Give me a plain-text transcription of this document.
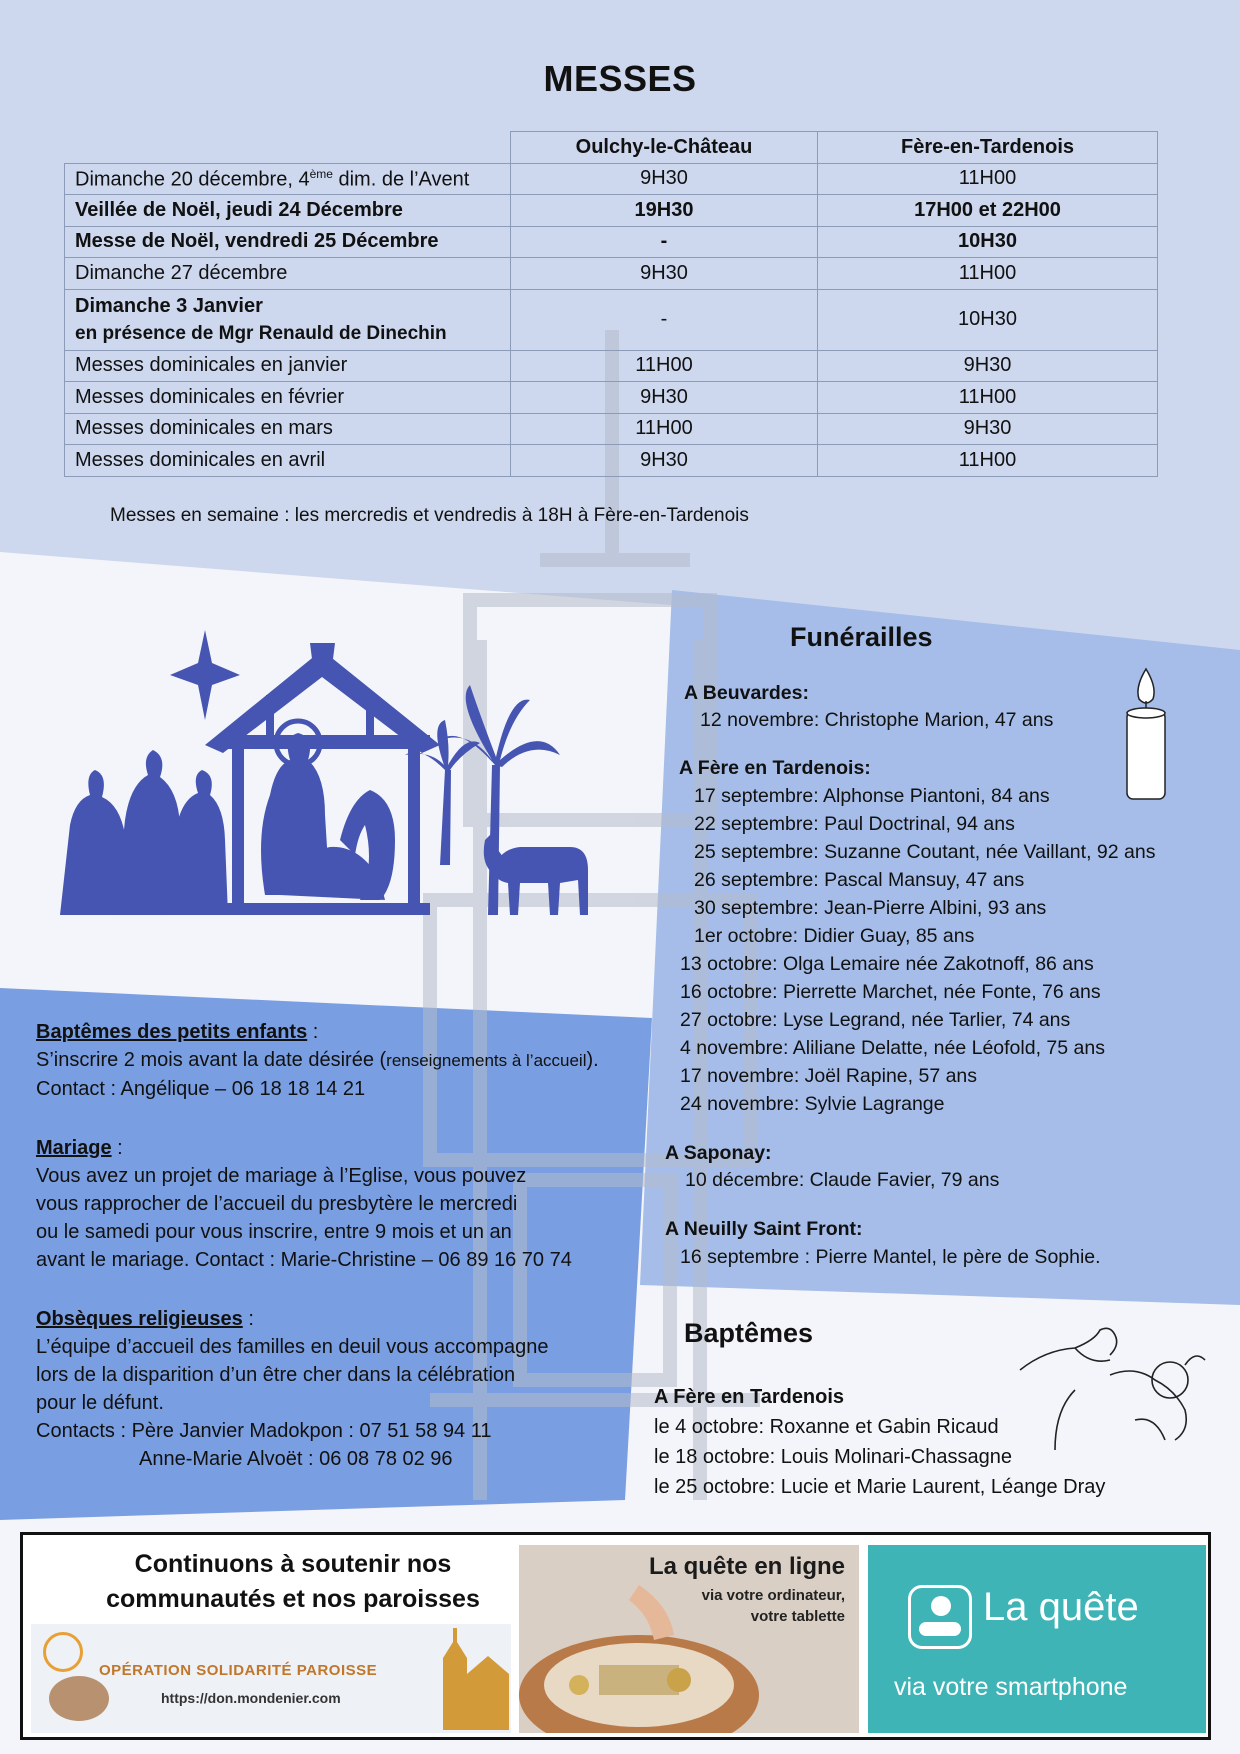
MESSES
	Oulchy-le-Château	Fère-en-Tardenois
Dimanche 20 décembre, 4ème dim. de l’Avent	9H30	11H00
Veillée de Noël, jeudi 24 Décembre	19H30	17H00 et 22H00
Messe de Noël, vendredi 25 Décembre	-	10H30
Dimanche 27 décembre	9H30	11H00

Dimanche 3 Janvier
en présence de Mgr Renauld de Dinechin	-	10H30
Messes dominicales en janvier	11H00	9H30
Messes dominicales en février	9H30	11H00
Messes dominicales en mars	11H00	9H30
Messes dominicales en avril	9H30	11H00
Messes en semaine : les mercredis et vendredis à 18H à Fère-en-Tardenois
Funérailles
A Beuvardes:
12 novembre: Christophe Marion, 47 ans
A Fère en Tardenois:
17 septembre: Alphonse Piantoni, 84 ans
22 septembre: Paul Doctrinal, 94 ans
25 septembre: Suzanne Coutant, née Vaillant, 92 ans
26 septembre: Pascal Mansuy, 47 ans
30 septembre: Jean-Pierre Albini, 93 ans
1er octobre: Didier Guay, 85 ans
13 octobre: Olga Lemaire née Zakotnoff, 86 ans
16 octobre: Pierrette Marchet, née Fonte, 76 ans
27 octobre: Lyse Legrand, née Tarlier, 74 ans
4 novembre: Aliliane Delatte, née Léofold, 75 ans
17 novembre: Joël Rapine, 57 ans
24 novembre: Sylvie Lagrange
A Saponay:
10 décembre: Claude Favier, 79 ans
A Neuilly Saint Front:
16 septembre : Pierre Mantel, le père de Sophie.
Baptêmes des petits enfants :
S’inscrire 2 mois avant la date désirée (renseignements à l’accueil).
Contact : Angélique – 06 18 18 14 21
Mariage :
Vous avez un projet de mariage à l’Eglise, vous pouvez
vous rapprocher de l’accueil du presbytère le mercredi
ou le samedi pour vous inscrire, entre 9 mois et un an
avant le mariage. Contact : Marie-Christine – 06 89 16 70 74
Obsèques religieuses :
L’équipe d’accueil des familles en deuil vous accompagne
lors de la disparition d’un être cher dans la célébration
pour le défunt.
Contacts : Père Janvier Madokpon : 07 51 58 94 11
Anne-Marie Alvoët : 06 08 78 02 96
Baptêmes
A Fère en Tardenois
le 4 octobre: Roxanne et Gabin Ricaud
le 18 octobre: Louis Molinari-Chassagne
le 25 octobre: Lucie et Marie Laurent, Léange Dray
Continuons à soutenir nos
communautés et nos paroisses
OPÉRATION SOLIDARITÉ PAROISSE
https://don.mondenier.com
La quête en ligne
via votre ordinateur,
votre tablette	La quête
via votre smartphone
